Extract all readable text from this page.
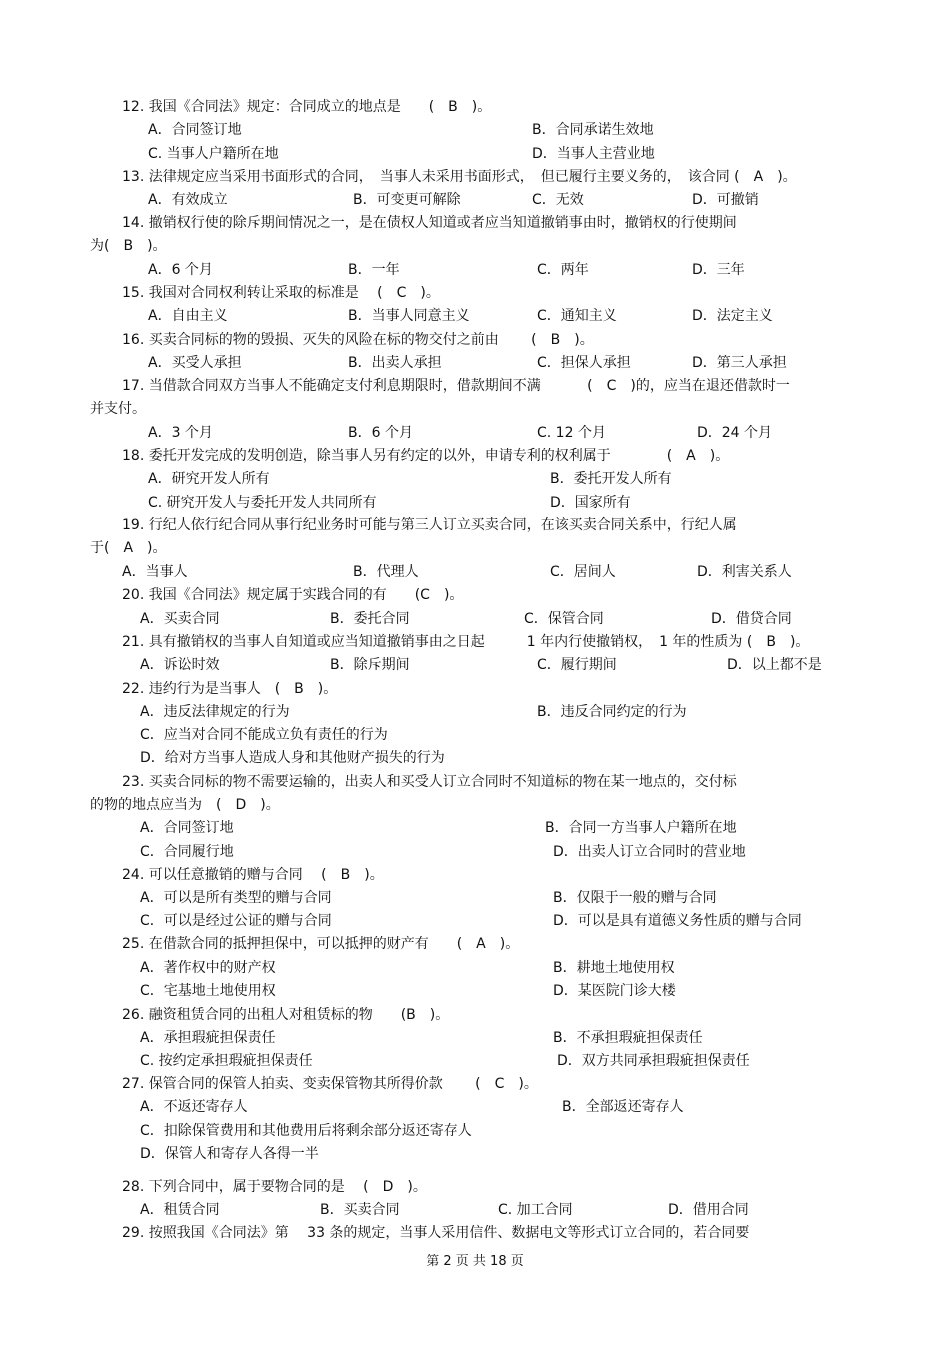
12. 我国《合同法》规定：合同成立的地点是　　(　B　)。
A．合同签订地	B．合同承诺生效地
C. 当事人户籍所在地	D．当事人主营业地
13. 法律规定应当采用书面形式的合同，　当事人未采用书面形式，　但已履行主要义务的，　该合同 (　A　)。
A．有效成立	B．可变更可解除	C．无效	D．可撤销
14. 撤销权行使的除斥期间情况之一，是在债权人知道或者应当知道撤销事由时，撤销权的行使期间
为(　B　)。
A．6 个月	B．一年	C．两年	D．三年
15. 我国对合同权利转让采取的标准是　 (　C　)。
A．自由主义	B．当事人同意主义	C．通知主义	D．法定主义
16. 买卖合同标的物的毁损、灭失的风险在标的物交付之前由　　 (　B　)。
A．买受人承担	B．出卖人承担	C．担保人承担	D．第三人承担
17. 当借款合同双方当事人不能确定支付利息期限时，借款期间不满　　　 (　C　)的，应当在退还借款时一
并支付。
A．3 个月	B．6 个月	C. 12 个月	D．24 个月
18. 委托开发完成的发明创造，除当事人另有约定的以外，申请专利的权利属于　　　　(　A　)。
A．研究开发人所有	B．委托开发人所有
C. 研究开发人与委托开发人共同所有	D．国家所有
19. 行纪人依行纪合同从事行纪业务时可能与第三人订立买卖合同，在该买卖合同关系中，行纪人属
于(　A　)。
A．当事人	B．代理人	C．居间人	D．利害关系人
20. 我国《合同法》规定属于实践合同的有　　(C　)。
A．买卖合同	B．委托合同	C．保管合同	D．借贷合同
21. 具有撤销权的当事人自知道或应当知道撤销事由之日起　　　1 年内行使撤销权，　1 年的性质为 (　B　)。
A．诉讼时效	B．除斥期间	C．履行期间	D．以上都不是
22. 违约行为是当事人　(　B　)。
A．违反法律规定的行为	B．违反合同约定的行为
C．应当对合同不能成立负有责任的行为
D．给对方当事人造成人身和其他财产损失的行为
23. 买卖合同标的物不需要运输的，出卖人和买受人订立合同时不知道标的物在某一地点的，交付标
的物的地点应当为　(　D　)。
A．合同签订地	B．合同一方当事人户籍所在地
C．合同履行地	D．出卖人订立合同时的营业地
24. 可以任意撤销的赠与合同　 (　B　)。
A．可以是所有类型的赠与合同	B．仅限于一般的赠与合同
C．可以是经过公证的赠与合同	D．可以是具有道德义务性质的赠与合同
25. 在借款合同的抵押担保中，可以抵押的财产有　　(　A　)。
A．著作权中的财产权	B．耕地土地使用权
C．宅基地土地使用权	D．某医院门诊大楼
26. 融资租赁合同的出租人对租赁标的物　　(B　)。
A．承担瑕疵担保责任	B．不承担瑕疵担保责任
C. 按约定承担瑕疵担保责任	D．双方共同承担瑕疵担保责任
27. 保管合同的保管人拍卖、变卖保管物其所得价款　　 (　C　)。
A．不返还寄存人	B．全部返还寄存人
C．扣除保管费用和其他费用后将剩余部分返还寄存人
D．保管人和寄存人各得一半
28. 下列合同中，属于要物合同的是　 (　D　)。
A．租赁合同	B．买卖合同	C. 加工合同	D．借用合同
29. 按照我国《合同法》第　 33 条的规定，当事人采用信件、数据电文等形式订立合同的，若合同要
第 2 页 共 18 页
